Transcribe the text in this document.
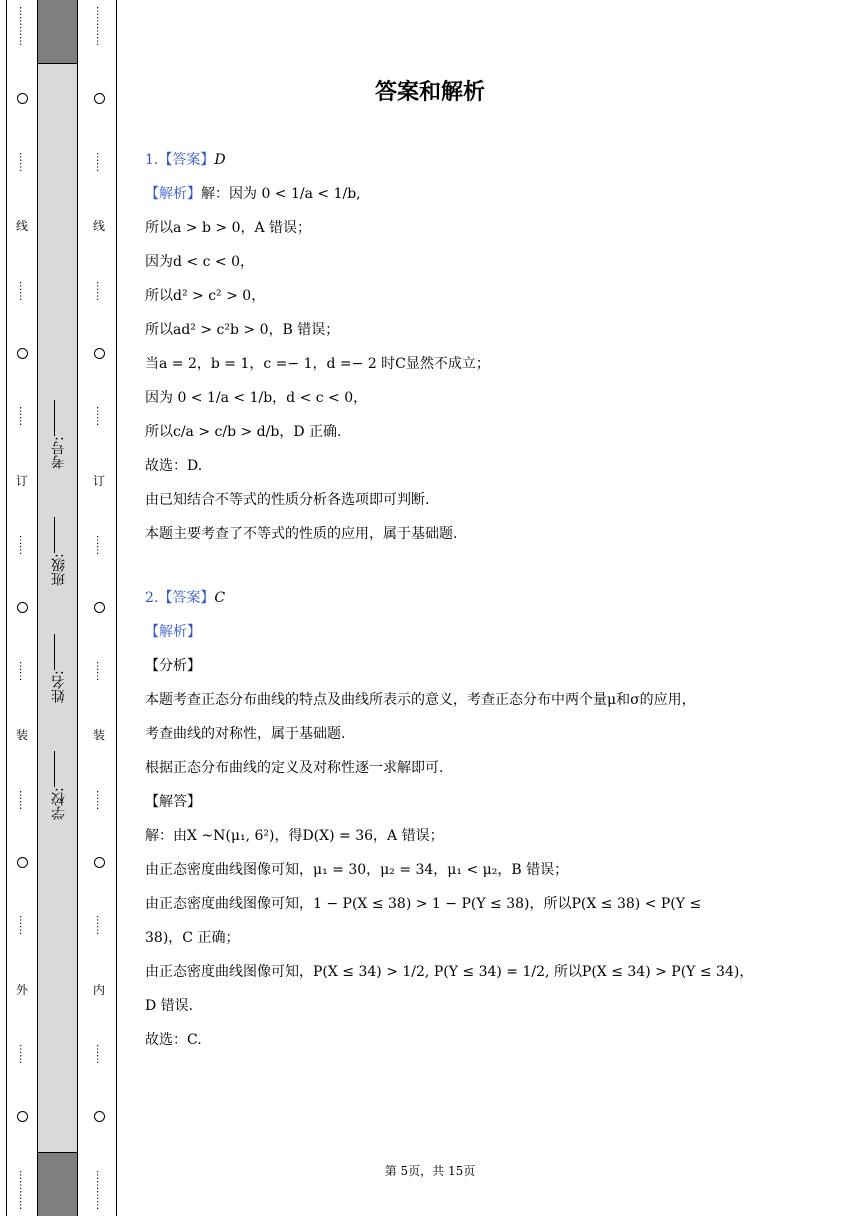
…………
……
线
……
……
订
……
……
装
……
……
外
……
…………
学校:
姓名:
班级:
考号:
…………
……
线
……
……
订
……
……
装
……
……
内
……
…………
答案和解析

1.【答案】D

【解析】解：因为 0 < 1/a < 1/b,

所以a > b > 0，A 错误；

因为d < c < 0，

所以d² > c² > 0，

所以ad² > c²b > 0，B 错误；

当a = 2，b = 1，c =− 1，d =− 2 时C显然不成立；

因为 0 < 1/a < 1/b，d < c < 0，

所以c/a > c/b > d/b，D 正确.

故选：D.

由已知结合不等式的性质分析各选项即可判断.

本题主要考查了不等式的性质的应用，属于基础题.

2.【答案】C

【解析】

【分析】

本题考查正态分布曲线的特点及曲线所表示的意义，考查正态分布中两个量μ和σ的应用，

考查曲线的对称性，属于基础题.

根据正态分布曲线的定义及对称性逐一求解即可.

【解答】

解：由X ~N(μ₁, 6²)，得D(X) = 36，A 错误；

由正态密度曲线图像可知，μ₁ = 30，μ₂ = 34，μ₁ < μ₂，B 错误；

由正态密度曲线图像可知，1 − P(X ≤ 38) > 1 − P(Y ≤ 38)，所以P(X ≤ 38) < P(Y ≤

38)，C 正确；

由正态密度曲线图像可知，P(X ≤ 34) > 1/2, P(Y ≤ 34) = 1/2, 所以P(X ≤ 34) > P(Y ≤ 34)，

D 错误.

故选：C.

第 5页，共 15页
